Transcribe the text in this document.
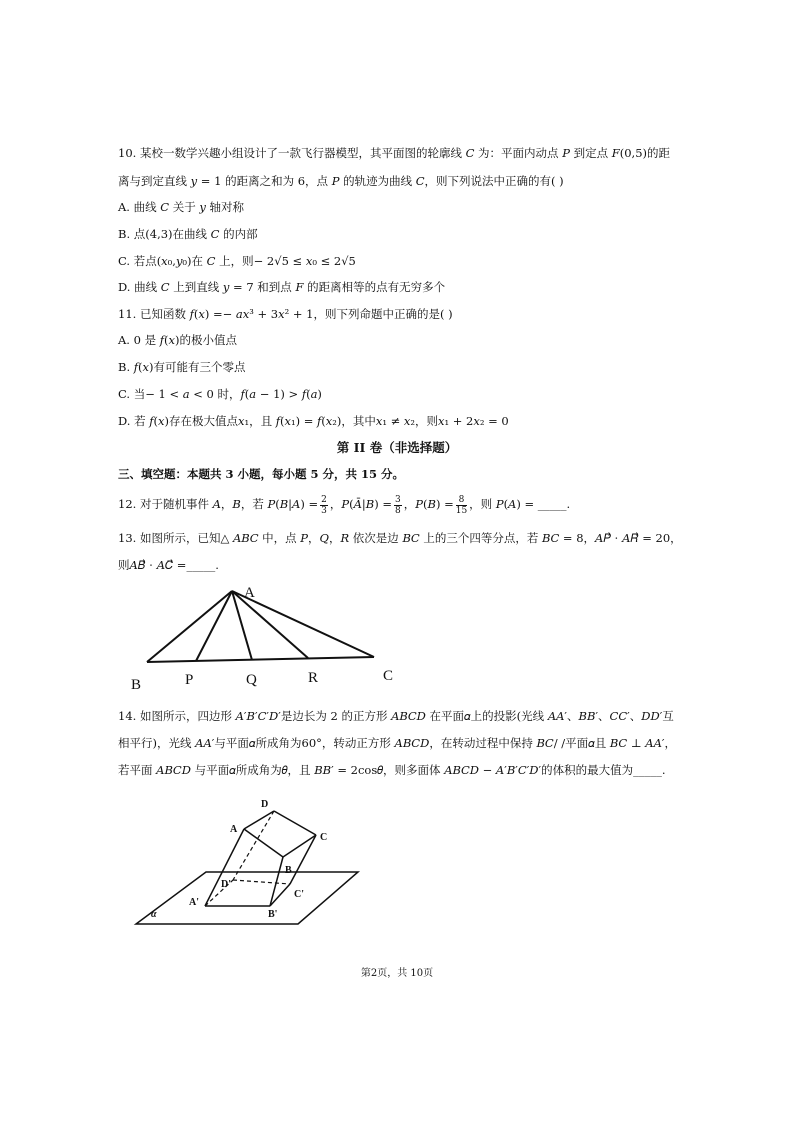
10. 某校一数学兴趣小组设计了一款飞行器模型，其平面图的轮廓线 𝐶 为：平面内动点 𝑃 到定点 𝐹(0,5)的距
离与到定直线 𝑦 = 1 的距离之和为 6，点 𝑃 的轨迹为曲线 𝐶，则下列说法中正确的有( )
A. 曲线 𝐶 关于 𝑦 轴对称
B. 点(4,3)在曲线 𝐶 的内部
C. 若点(𝑥₀,𝑦₀)在 𝐶 上，则− 2√5 ≤ 𝑥₀ ≤ 2√5
D. 曲线 𝐶 上到直线 𝑦 = 7 和到点 𝐹 的距离相等的点有无穷多个
11. 已知函数 𝑓(𝑥) =− 𝑎𝑥³ + 3𝑥² + 1，则下列命题中正确的是( )
A. 0 是 𝑓(𝑥)的极小值点
B. 𝑓(𝑥)有可能有三个零点
C. 当− 1 < 𝑎 < 0 时，𝑓(𝑎 − 1) > 𝑓(𝑎)
D. 若 𝑓(𝑥)存在极大值点𝑥₁，且 𝑓(𝑥₁) = 𝑓(𝑥₂)，其中𝑥₁ ≠ 𝑥₂，则𝑥₁ + 2𝑥₂ = 0
第 II 卷（非选择题）
三、填空题：本题共 3 小题，每小题 5 分，共 15 分。
12. 对于随机事件 𝐴，𝐵，若 𝑃(𝐵|𝐴) = $\frac{2}{3}$ ，𝑃(𝐴̄|𝐵) = $\frac{3}{8}$ ，𝑃(𝐵) = $\frac{8}{15}$ ，则 𝑃(𝐴) = _____.
13. 如图所示，已知△ 𝐴𝐵𝐶 中，点 𝑃，𝑄，𝑅 依次是边 𝐵𝐶 上的三个四等分点，若 𝐵𝐶 = 8，𝐴𝑃⃗ ⋅ 𝐴𝑅⃗ = 20，
则𝐴𝐵⃗ ⋅ 𝐴𝐶⃗ =_____.
A
B	P	Q	R	C
14. 如图所示，四边形 𝐴′𝐵′𝐶′𝐷′是边长为 2 的正方形 𝐴𝐵𝐶𝐷 在平面𝛼上的投影(光线 𝐴𝐴′、𝐵𝐵′、𝐶𝐶′、𝐷𝐷′互
相平行)，光线 𝐴𝐴′与平面𝛼所成角为60°，转动正方形 𝐴𝐵𝐶𝐷，在转动过程中保持 𝐵𝐶/ /平面𝛼且 𝐵𝐶 ⊥ 𝐴𝐴′，
若平面 𝐴𝐵𝐶𝐷 与平面𝛼所成角为𝜃，且 𝐵𝐵′ = 2cos𝜃，则多面体 𝐴𝐵𝐶𝐷 − 𝐴′𝐵′𝐶′𝐷′的体积的最大值为_____.
D
A
C
B
D'
C'
A'
B'
α
第2页，共 10页
